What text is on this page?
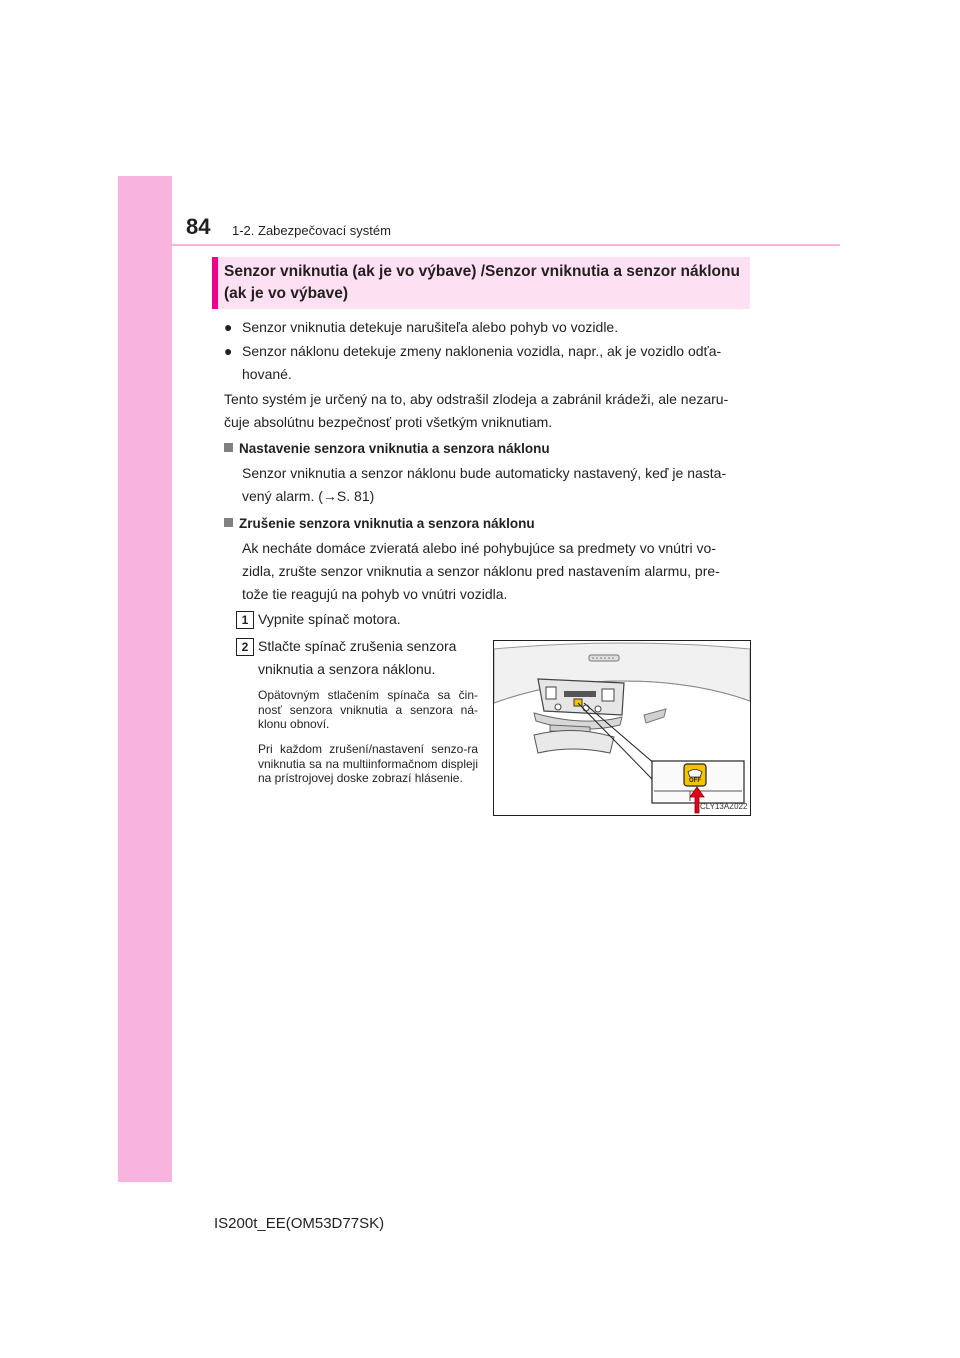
84 1-2. Zabezpečovací systém
Senzor vniknutia (ak je vo výbave) /Senzor vniknutia a senzor náklonu (ak je vo výbave)
● Senzor vniknutia detekuje narušiteľa alebo pohyb vo vozidle.
● Senzor náklonu detekuje zmeny naklonenia vozidla, napr., ak je vozidlo odťa-
hované.
Tento systém je určený na to, aby odstrašil zlodeja a zabránil krádeži, ale nezaru-
čuje absolútnu bezpečnosť proti všetkým vniknutiam.
Nastavenie senzora vniknutia a senzora náklonu
Senzor vniknutia a senzor náklonu bude automaticky nastavený, keď je nasta-
vený alarm. (→S. 81)
Zrušenie senzora vniknutia a senzora náklonu
Ak necháte domáce zvieratá alebo iné pohybujúce sa predmety vo vnútri vo-
zidla, zrušte senzor vniknutia a senzor náklonu pred nastavením alarmu, pre-
tože tie reagujú na pohyb vo vnútri vozidla.
1 Vypnite spínač motora.
2 Stlačte spínač zrušenia senzora
vniknutia a senzora náklonu.
Opätovným stlačením spínača sa čin-nosť senzora vniknutia a senzora ná-klonu obnoví.
Pri každom zrušení/nastavení senzo-ra vniknutia sa na multiinformačnom displeji na prístrojovej doske zobrazí hlásenie.	OFF
CLY13AZ022
IS200t_EE(OM53D77SK)
